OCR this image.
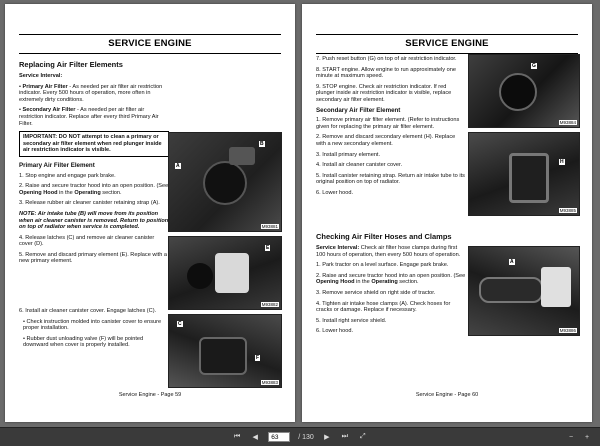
SERVICE ENGINE
Replacing Air Filter Elements

Service Interval:

• Primary Air Filter - As needed per air filter air restriction indicator. Every 500 hours of operation, more often in extremely dirty conditions.

• Secondary Air Filter - As needed per air filter air restriction indicator. Replace after every third Primary Air Filter.

IMPORTANT: DO NOT attempt to clean a primary or secondary air filter element when red plunger inside air restriction indicator is visible.
Primary Air Filter Element

1. Stop engine and engage park brake.

2. Raise and secure tractor hood into an open position. (See Opening Hood in the Operating section.

3. Release rubber air cleaner canister retaining strap (A).

NOTE: Air intake tube (B) will move from its position when air cleaner canister is removed. Return to position on top of radiator when service is completed.

4. Release latches (C) and remove air cleaner canister cover (D).

5. Remove and discard primary element (E). Replace with a new primary element.

6. Install air cleaner canister cover. Engage latches (C).

• Check instruction molded into canister cover to ensure proper installation.

• Rubber dust unloading valve (F) will be pointed downward when cover is properly installed.

A
B
M93881
E
M93882
C
F
M93883
Service Engine - Page 59
SERVICE ENGINE

7. Push reset button (G) on top of air restriction indicator.

8. START engine. Allow engine to run approximately one minute at maximum speed.

9. STOP engine. Check air restriction indicator. If red plunger inside air restriction indicator is visible, replace secondary air filter element.

Secondary Air Filter Element

1. Remove primary air filter element. (Refer to instructions given for replacing the primary air filter element.

2. Remove and discard secondary element (H). Replace with a new secondary element.

3. Install primary element.

4. Install air cleaner canister cover.

5. Install canister retaining strap. Return air intake tube to its original position on top of radiator.

6. Lower hood.

Checking Air Filter Hoses and Clamps

Service Interval: Check air filter hose clamps during first 100 hours of operation, then every 500 hours of operation.

1. Park tractor on a level surface. Engage park brake.

2. Raise and secure tractor hood into an open position. (See Opening Hood in the Operating section.

3. Remove service shield on right side of tractor.

4. Tighten air intake hose clamps (A). Check hoses for cracks or damage. Replace if necessary.

5. Install right service shield.

6. Lower hood.

G
M93884
H
M93885
A
M93886
Service Engine - Page 60
⏮	◀
63	/ 130	▶	⏭	⤢	−	+
